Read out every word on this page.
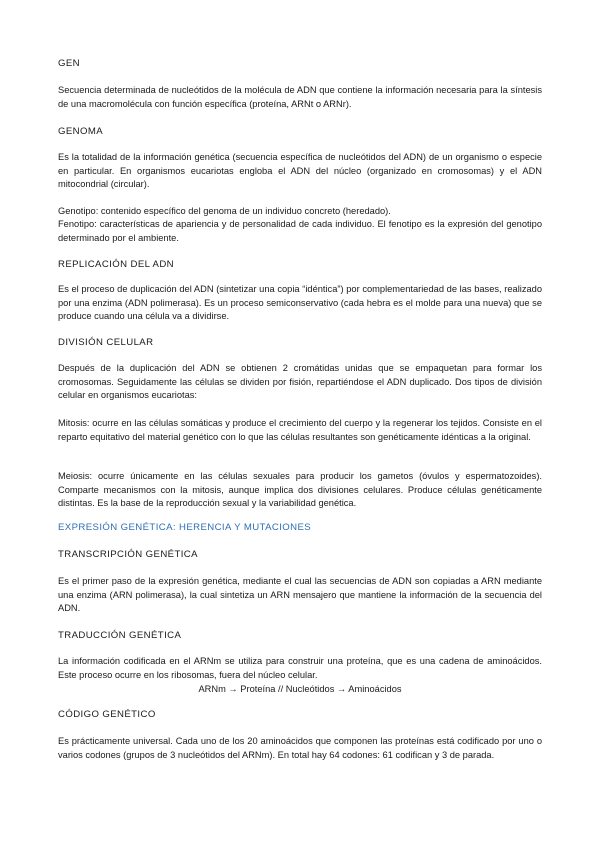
GEN

Secuencia determinada de nucleótidos de la molécula de ADN que contiene la información necesaria para la síntesis de una macromolécula con función específica (proteína, ARNt o ARNr).

GENOMA

Es la totalidad de la información genética (secuencia específica de nucleótidos del ADN) de un organismo o especie en particular. En organismos eucariotas engloba el ADN del núcleo (organizado en cromosomas) y el ADN mitocondrial (circular).

Genotipo: contenido específico del genoma de un individuo concreto (heredado).

Fenotipo: características de apariencia y de personalidad de cada individuo. El fenotipo es la expresión del genotipo determinado por el ambiente.

REPLICACIÓN DEL ADN

Es el proceso de duplicación del ADN (sintetizar una copia “idéntica”) por complementariedad de las bases, realizado por una enzima (ADN polimerasa). Es un proceso semiconservativo (cada hebra es el molde para una nueva) que se produce cuando una célula va a dividirse.

DIVISIÓN CELULAR

Después de la duplicación del ADN se obtienen 2 cromátidas unidas que se empaquetan para formar los cromosomas. Seguidamente las células se dividen por fisión, repartiéndose el ADN duplicado. Dos tipos de división celular en organismos eucariotas:

Mitosis: ocurre en las células somáticas y produce el crecimiento del cuerpo y la regenerar los tejidos. Consiste en el reparto equitativo del material genético con lo que las células resultantes son genéticamente idénticas a la original.

Meiosis: ocurre únicamente en las células sexuales para producir los gametos (óvulos y espermatozoides). Comparte mecanismos con la mitosis, aunque implica dos divisiones celulares. Produce células genéticamente distintas. Es la base de la reproducción sexual y la variabilidad genética.

EXPRESIÓN GENÉTICA: HERENCIA Y MUTACIONES
TRANSCRIPCIÓN GENÉTICA

Es el primer paso de la expresión genética, mediante el cual las secuencias de ADN son copiadas a ARN mediante una enzima (ARN polimerasa), la cual sintetiza un ARN mensajero que mantiene la información de la secuencia del ADN.

TRADUCCIÓN GENÉTICA

La información codificada en el ARNm se utiliza para construir una proteína, que es una cadena de aminoácidos. Este proceso ocurre en los ribosomas, fuera del núcleo celular.

ARNm → Proteína // Nucleótidos → Aminoácidos

CÓDIGO GENÉTICO

Es prácticamente universal. Cada uno de los 20 aminoácidos que componen las proteínas está codificado por uno o varios codones (grupos de 3 nucleótidos del ARNm). En total hay 64 codones: 61 codifican y 3 de parada.
